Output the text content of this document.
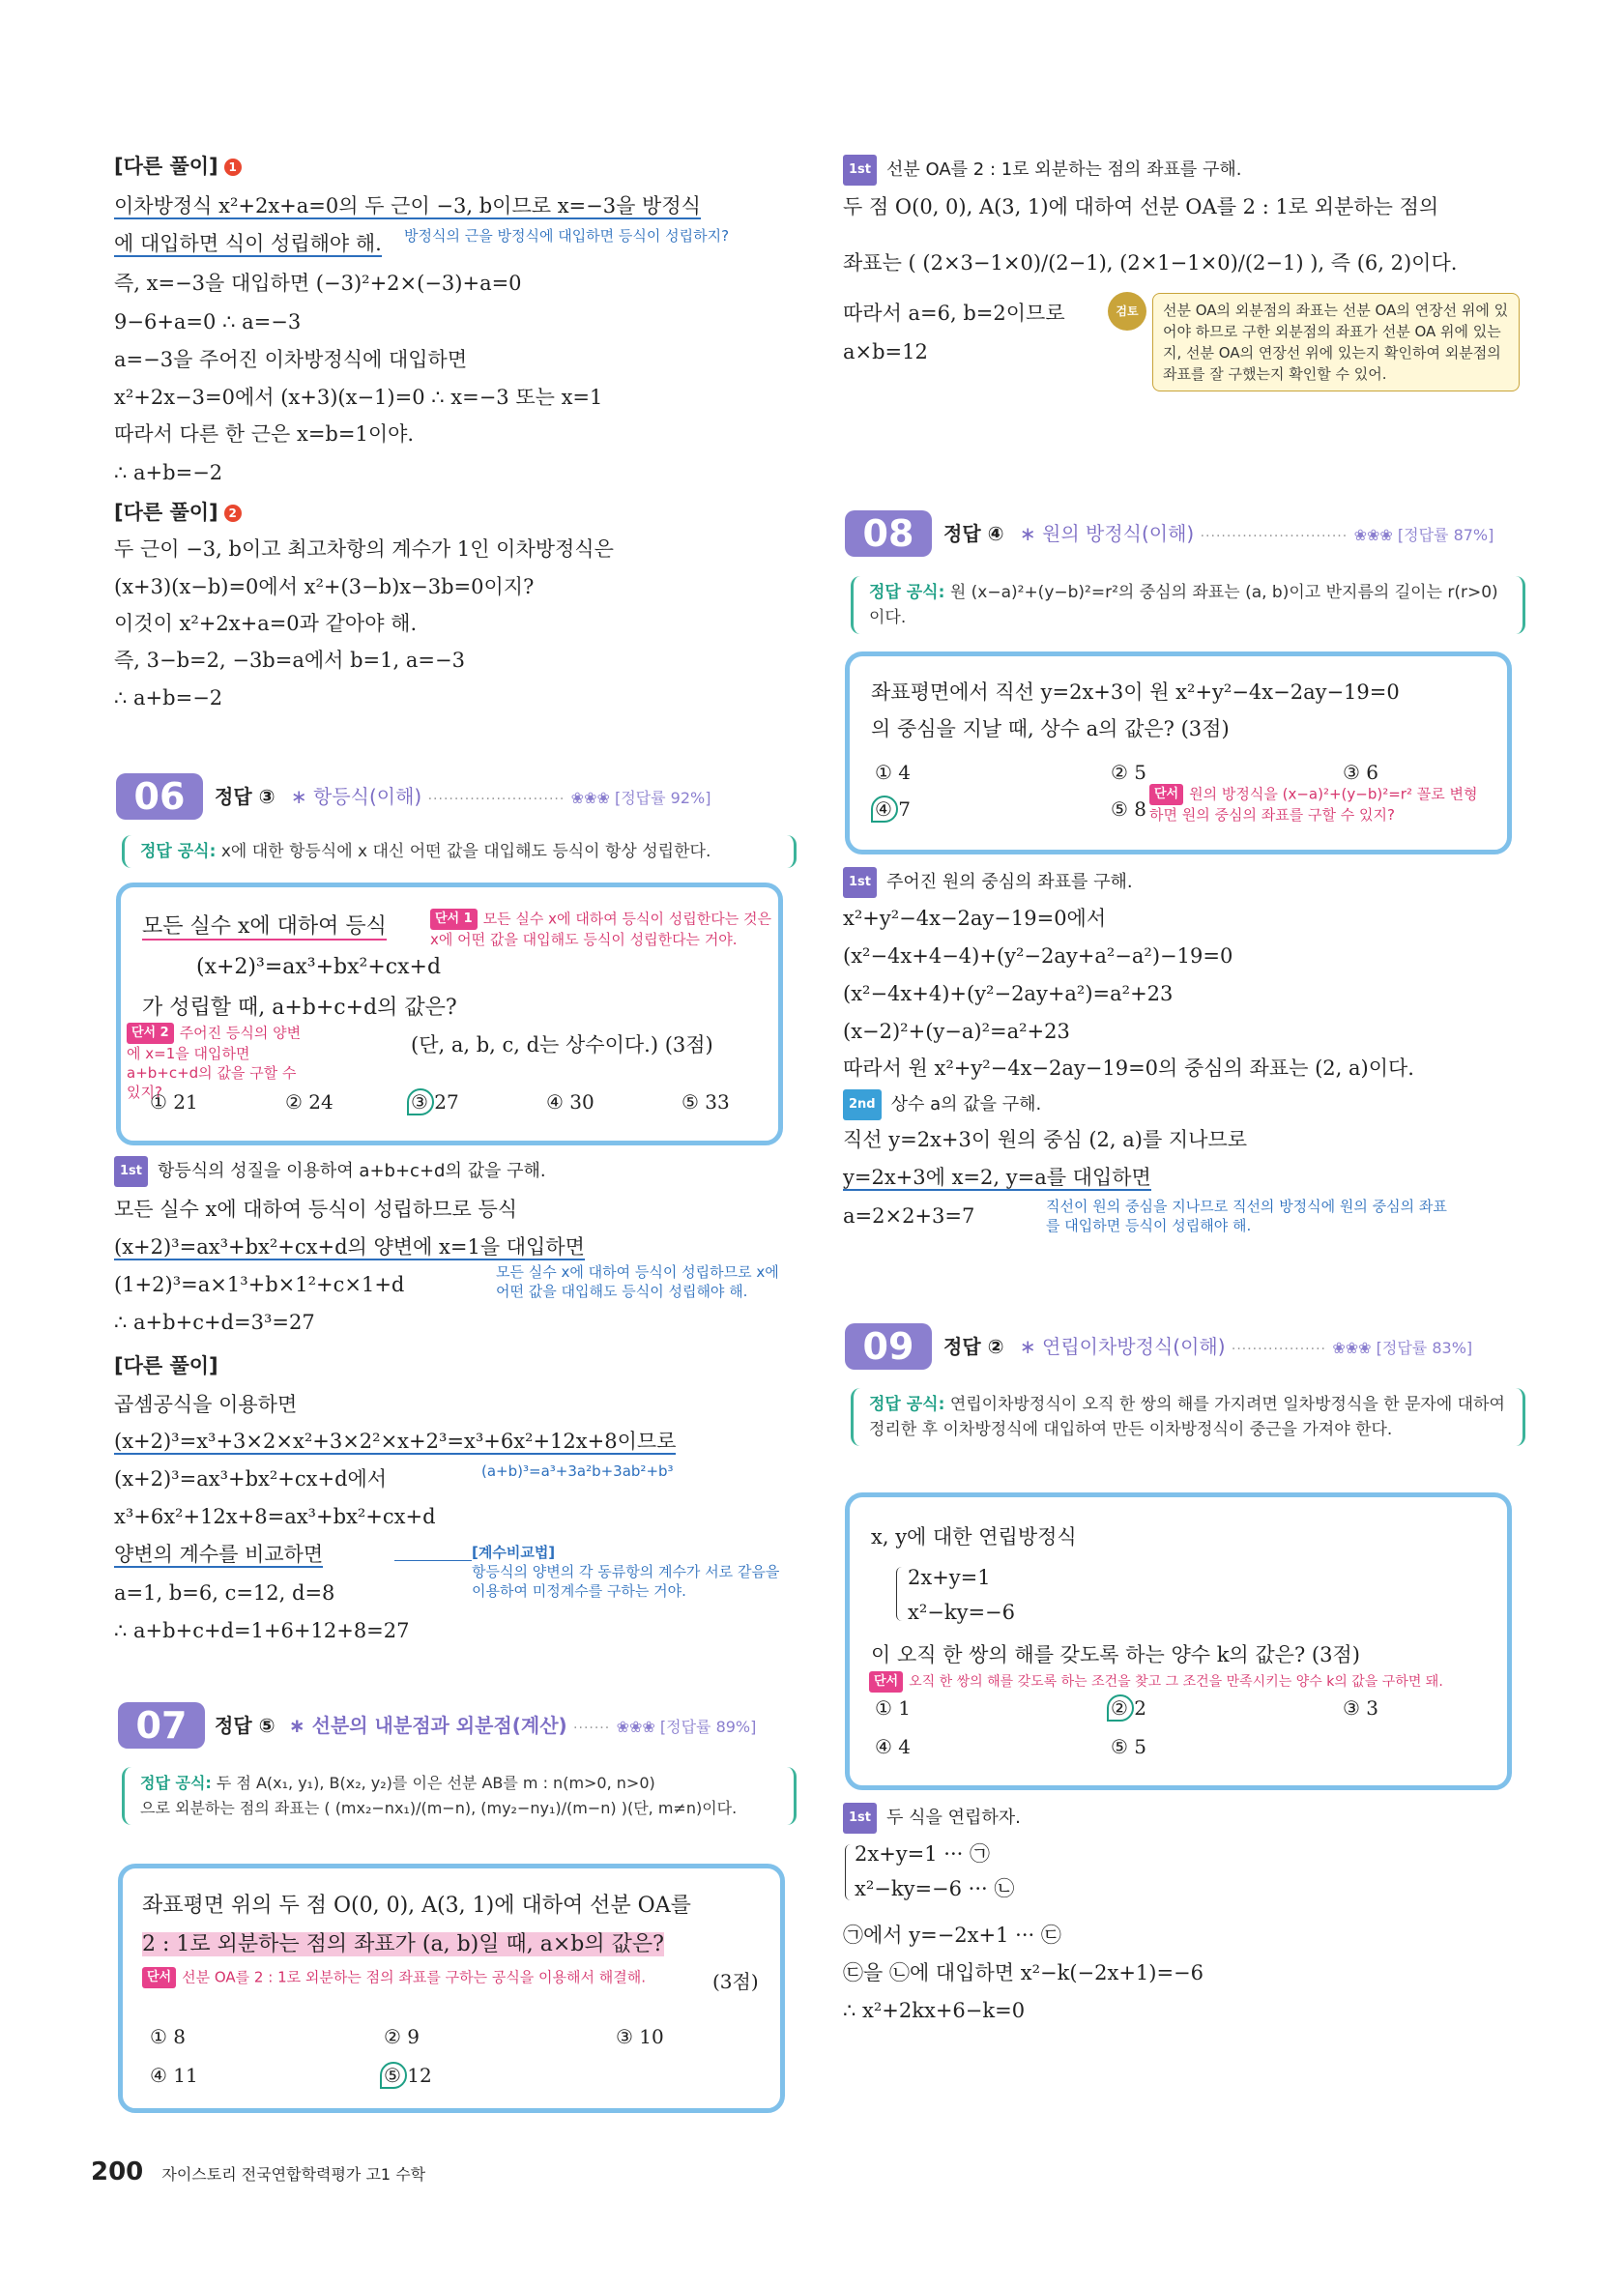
[다른 풀이] 1
이차방정식 x²+2x+a=0의 두 근이 −3, b이므로 x=−3을 방정식
에 대입하면 식이 성립해야 해. 방정식의 근을 방정식에 대입하면 등식이 성립하지?
즉, x=−3을 대입하면 (−3)²+2×(−3)+a=0
9−6+a=0 ∴ a=−3
a=−3을 주어진 이차방정식에 대입하면
x²+2x−3=0에서 (x+3)(x−1)=0 ∴ x=−3 또는 x=1
따라서 다른 한 근은 x=b=1이야.
∴ a+b=−2
[다른 풀이] 2
두 근이 −3, b이고 최고차항의 계수가 1인 이차방정식은
(x+3)(x−b)=0에서 x²+(3−b)x−3b=0이지?
이것이 x²+2x+a=0과 같아야 해.
즉, 3−b=2, −3b=a에서 b=1, a=−3
∴ a+b=−2
06	정답 ③ ∗ 항등식(이해) ·························· ❀❀❀ [정답률 92%]
정답 공식: x에 대한 항등식에 x 대신 어떤 값을 대입해도 등식이 항상 성립한다.
모든 실수 x에 대하여 등식	단서 1 모든 실수 x에 대하여 등식이 성립한다는 것은 x에 어떤 값을 대입해도 등식이 성립한다는 거야.
(x+2)³=ax³+bx²+cx+d
가 성립할 때, a+b+c+d의 값은?
단서 2 주어진 등식의 양변에 x=1을 대입하면 a+b+c+d의 값을 구할 수 있지?
(단, a, b, c, d는 상수이다.) (3점)
① 21	② 24	③ 27	④ 30	⑤ 33
1st 항등식의 성질을 이용하여 a+b+c+d의 값을 구해.
모든 실수 x에 대하여 등식이 성립하므로 등식
(x+2)³=ax³+bx²+cx+d의 양변에 x=1을 대입하면
(1+2)³=a×1³+b×1²+c×1+d
모든 실수 x에 대하여 등식이 성립하므로 x에 어떤 값을 대입해도 등식이 성립해야 해.
∴ a+b+c+d=3³=27
[다른 풀이]
곱셈공식을 이용하면
(x+2)³=x³+3×2×x²+3×2²×x+2³=x³+6x²+12x+8이므로
(x+2)³=ax³+bx²+cx+d에서	(a+b)³=a³+3a²b+3ab²+b³
x³+6x²+12x+8=ax³+bx²+cx+d
양변의 계수를 비교하면	[계수비교법]
항등식의 양변의 각 동류항의 계수가 서로 같음을 이용하여 미정계수를 구하는 거야.
a=1, b=6, c=12, d=8
∴ a+b+c+d=1+6+12+8=27
07	정답 ⑤ ∗ 선분의 내분점과 외분점(계산) ······· ❀❀❀ [정답률 89%]
정답 공식: 두 점 A(x₁, y₁), B(x₂, y₂)를 이은 선분 AB를 m : n(m>0, n>0)
으로 외분하는 점의 좌표는 ( (mx₂−nx₁)/(m−n), (my₂−ny₁)/(m−n) )(단, m≠n)이다.
좌표평면 위의 두 점 O(0, 0), A(3, 1)에 대하여 선분 OA를
2 : 1로 외분하는 점의 좌표가 (a, b)일 때, a×b의 값은?
단서 선분 OA를 2 : 1로 외분하는 점의 좌표를 구하는 공식을 이용해서 해결해.	(3점)
① 8	② 9	③ 10
④ 11	⑤ 12
1st 선분 OA를 2 : 1로 외분하는 점의 좌표를 구해.
두 점 O(0, 0), A(3, 1)에 대하여 선분 OA를 2 : 1로 외분하는 점의
좌표는 ( (2×3−1×0)/(2−1), (2×1−1×0)/(2−1) ), 즉 (6, 2)이다.
따라서 a=6, b=2이므로
a×b=12
검토	선분 OA의 외분점의 좌표는 선분 OA의 연장선 위에 있어야 하므로 구한 외분점의 좌표가 선분 OA 위에 있는지, 선분 OA의 연장선 위에 있는지 확인하여 외분점의 좌표를 잘 구했는지 확인할 수 있어.
08	정답 ④ ∗ 원의 방정식(이해) ···························· ❀❀❀ [정답률 87%]
정답 공식: 원 (x−a)²+(y−b)²=r²의 중심의 좌표는 (a, b)이고 반지름의 길이는 r(r>0)이다.
좌표평면에서 직선 y=2x+3이 원 x²+y²−4x−2ay−19=0
의 중심을 지날 때, 상수 a의 값은? (3점)
① 4	② 5	③ 6
④ 7	⑤ 8
단서 원의 방정식을 (x−a)²+(y−b)²=r² 꼴로 변형하면 원의 중심의 좌표를 구할 수 있지?
1st 주어진 원의 중심의 좌표를 구해.
x²+y²−4x−2ay−19=0에서
(x²−4x+4−4)+(y²−2ay+a²−a²)−19=0
(x²−4x+4)+(y²−2ay+a²)=a²+23
(x−2)²+(y−a)²=a²+23
따라서 원 x²+y²−4x−2ay−19=0의 중심의 좌표는 (2, a)이다.
2nd 상수 a의 값을 구해.
직선 y=2x+3이 원의 중심 (2, a)를 지나므로
y=2x+3에 x=2, y=a를 대입하면
a=2×2+3=7	직선이 원의 중심을 지나므로 직선의 방정식에 원의 중심의 좌표를 대입하면 등식이 성립해야 해.
09	정답 ② ∗ 연립이차방정식(이해) ·················· ❀❀❀ [정답률 83%]
정답 공식: 연립이차방정식이 오직 한 쌍의 해를 가지려면 일차방정식을 한 문자에 대하여 정리한 후 이차방정식에 대입하여 만든 이차방정식이 중근을 가져야 한다.
x, y에 대한 연립방정식
2x+y=1
x²−ky=−6
이 오직 한 쌍의 해를 갖도록 하는 양수 k의 값은? (3점)
단서 오직 한 쌍의 해를 갖도록 하는 조건을 찾고 그 조건을 만족시키는 양수 k의 값을 구하면 돼.
① 1	② 2	③ 3
④ 4	⑤ 5
1st 두 식을 연립하자.
2x+y=1 ··· ㉠
x²−ky=−6 ··· ㉡
㉠에서 y=−2x+1 ··· ㉢
㉢을 ㉡에 대입하면 x²−k(−2x+1)=−6
∴ x²+2kx+6−k=0
200 자이스토리 전국연합학력평가 고1 수학
